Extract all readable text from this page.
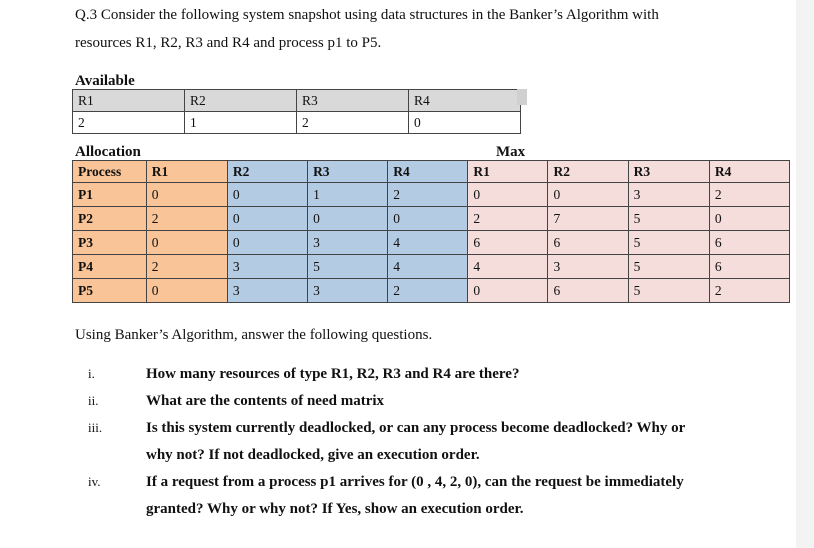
Q.3 Consider the following system snapshot using data structures in the Banker’s Algorithm with
resources R1, R2, R3 and R4 and process p1 to P5.
Available
R1	R2	R3	R4
2	1	2	0
Allocation	Max
Process	R1	R2	R3	R4	R1	R2	R3	R4
P1	0	0	1	2	0	0	3	2
P2	2	0	0	0	2	7	5	0
P3	0	0	3	4	6	6	5	6
P4	2	3	5	4	4	3	5	6
P5	0	3	3	2	0	6	5	2
Using Banker’s Algorithm, answer the following questions.
i.	How many resources of type R1, R2, R3 and R4 are there?
ii.	What are the contents of need matrix
iii.	Is this system currently deadlocked, or can any process become deadlocked? Why or
why not? If not deadlocked, give an execution order.
iv.	If a request from a process p1 arrives for (0 , 4, 2, 0), can the request be immediately
granted? Why or why not? If Yes, show an execution order.
